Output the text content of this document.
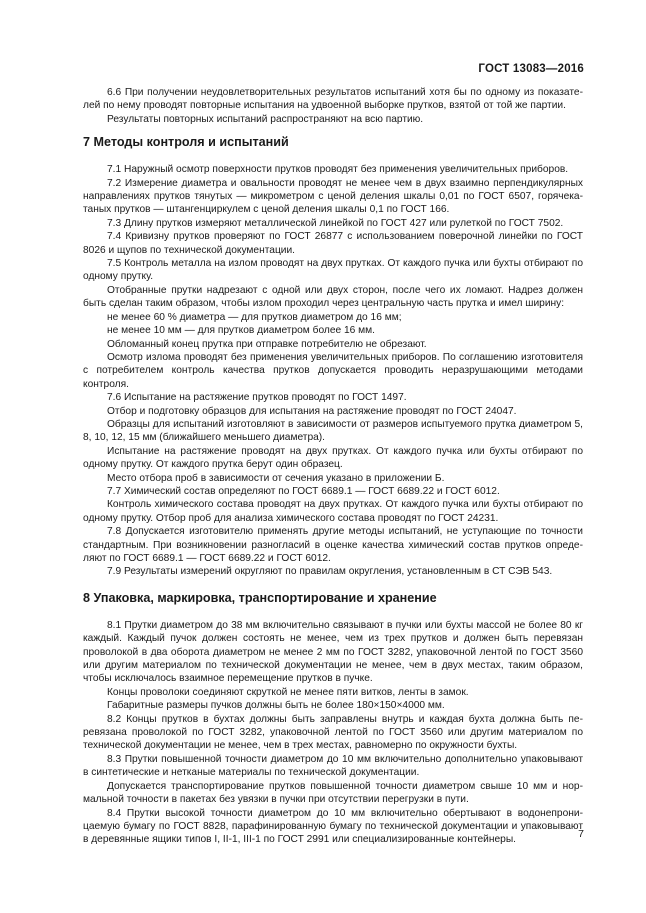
ГОСТ 13083—2016

6.6 При получении неудовлетворительных результатов испытаний хотя бы по одному из показателей по нему проводят повторные испытания на удвоенной выборке прутков, взятой от той же партии.

Результаты повторных испытаний распространяют на всю партию.

7 Методы контроля и испытаний

7.1 Наружный осмотр поверхности прутков проводят без применения увеличительных приборов.

7.2 Измерение диаметра и овальности проводят не менее чем в двух взаимно перпендикулярных направлениях прутков тянутых — микрометром с ценой деления шкалы 0,01 по ГОСТ 6507, горячекатаных прутков — штангенциркулем с ценой деления шкалы 0,1 по ГОСТ 166.

7.3 Длину прутков измеряют металлической линейкой по ГОСТ 427 или рулеткой по ГОСТ 7502.

7.4 Кривизну прутков проверяют по ГОСТ 26877 с использованием поверочной линейки по ГОСТ 8026 и щупов по технической документации.

7.5 Контроль металла на излом проводят на двух прутках. От каждого пучка или бухты отбирают по одному прутку.

Отобранные прутки надрезают с одной или двух сторон, после чего их ломают. Надрез должен быть сделан таким образом, чтобы излом проходил через центральную часть прутка и имел ширину:

не менее 60 % диаметра — для прутков диаметром до 16 мм;

не менее 10 мм — для прутков диаметром более 16 мм.

Обломанный конец прутка при отправке потребителю не обрезают.

Осмотр излома проводят без применения увеличительных приборов. По соглашению изготовителя с потребителем контроль качества прутков допускается проводить неразрушающими методами контроля.

7.6 Испытание на растяжение прутков проводят по ГОСТ 1497.

Отбор и подготовку образцов для испытания на растяжение проводят по ГОСТ 24047.

Образцы для испытаний изготовляют в зависимости от размеров испытуемого прутка диаметром 5, 8, 10, 12, 15 мм (ближайшего меньшего диаметра).

Испытание на растяжение проводят на двух прутках. От каждого пучка или бухты отбирают по одному прутку. От каждого прутка берут один образец.

Место отбора проб в зависимости от сечения указано в приложении Б.

7.7 Химический состав определяют по ГОСТ 6689.1 — ГОСТ 6689.22 и ГОСТ 6012.

Контроль химического состава проводят на двух прутках. От каждого пучка или бухты отбирают по одному прутку. Отбор проб для анализа химического состава проводят по ГОСТ 24231.

7.8 Допускается изготовителю применять другие методы испытаний, не уступающие по точности стандартным. При возникновении разногласий в оценке качества химический состав прутков определяют по ГОСТ 6689.1 — ГОСТ 6689.22 и ГОСТ 6012.

7.9 Результаты измерений округляют по правилам округления, установленным в СТ СЭВ 543.

8 Упаковка, маркировка, транспортирование и хранение

8.1 Прутки диаметром до 38 мм включительно связывают в пучки или бухты массой не более 80 кг каждый. Каждый пучок должен состоять не менее, чем из трех прутков и должен быть перевязан проволокой в два оборота диаметром не менее 2 мм по ГОСТ 3282, упаковочной лентой по ГОСТ 3560 или другим материалом по технической документации не менее, чем в двух местах, таким образом, чтобы исключалось взаимное перемещение прутков в пучке.

Концы проволоки соединяют скруткой не менее пяти витков, ленты в замок.

Габаритные размеры пучков должны быть не более 180×150×4000 мм.

8.2 Концы прутков в бухтах должны быть заправлены внутрь и каждая бухта должна быть перевязана проволокой по ГОСТ 3282, упаковочной лентой по ГОСТ 3560 или другим материалом по технической документации не менее, чем в трех местах, равномерно по окружности бухты.

8.3 Прутки повышенной точности диаметром до 10 мм включительно дополнительно упаковывают в синтетические и нетканые материалы по технической документации.

Допускается транспортирование прутков повышенной точности диаметром свыше 10 мм и нормальной точности в пакетах без увязки в пучки при отсутствии перегрузки в пути.

8.4 Прутки высокой точности диаметром до 10 мм включительно обертывают в водонепроницаемую бумагу по ГОСТ 8828, парафинированную бумагу по технической документации и упаковывают в деревянные ящики типов I, II-1, III-1 по ГОСТ 2991 или специализированные контейнеры.	7
